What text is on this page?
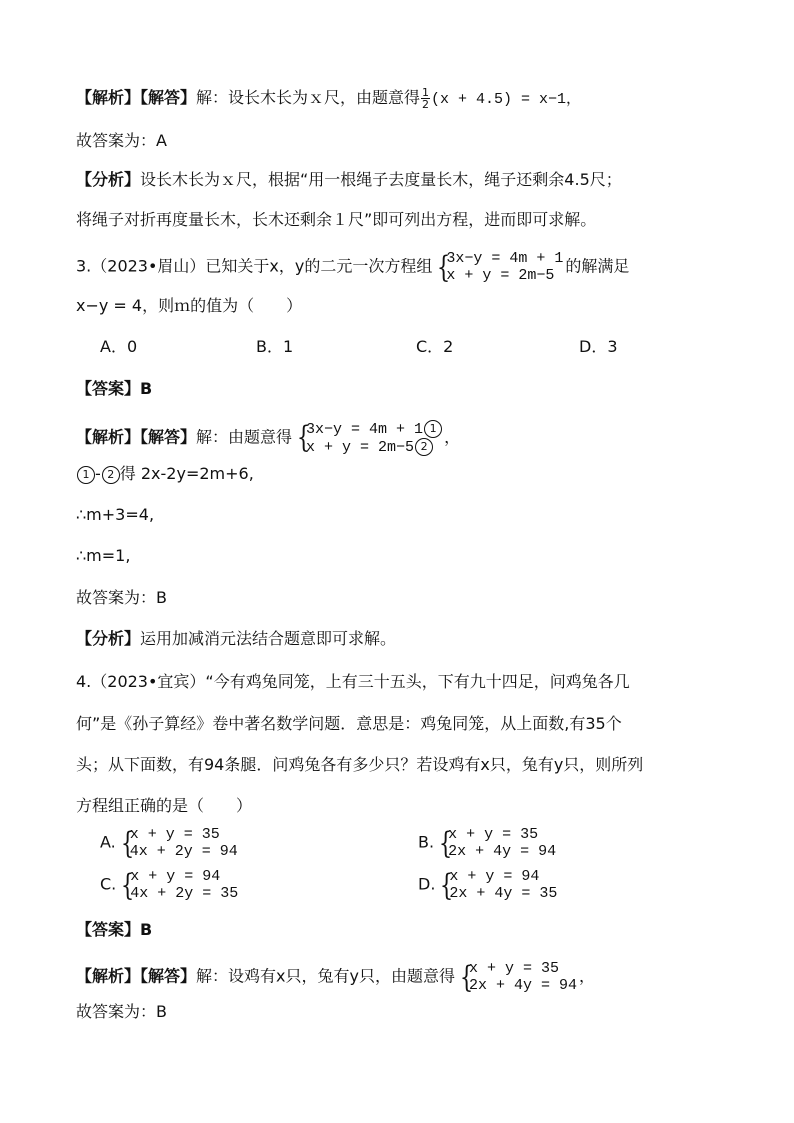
【解析】【解答】解：设长木长为ｘ尺，由题意得 $\frac{1}{2} (x + 4.5) = x-1$，
故答案为：A
【分析】设长木长为ｘ尺，根据“用一根绳子去度量长木，绳子还剩余4.5尺；
将绳子对折再度量长木，长木还剩余１尺”即可列出方程，进而即可求解。
3.（2023•眉山）已知关于x，y的二元一次方程组 {
3x−y = 4m + 1
x + y = 2m−5 的解满足
x−y = 4，则ｍ的值为（　　）
A．0	B．1	C．2	D．3
【答案】B
【解析】【解答】解：由题意得 {
3x−y = 4m + 1 1
x + y = 2m−5 2	，
1 - 2 得 2x-2y=2m+6,
∴m+3=4,
∴m=1,
故答案为：B
【分析】运用加减消元法结合题意即可求解。
4.（2023•宜宾）“今有鸡兔同笼，上有三十五头，下有九十四足，问鸡兔各几
何”是《孙子算经》卷中著名数学问题．意思是：鸡兔同笼，从上面数,有35个
头；从下面数，有94条腿．问鸡兔各有多少只？若设鸡有x只，兔有y只，则所列
方程组正确的是（　　）
A. {
x + y = 35
4x + 2y = 94	B. {
x + y = 35
2x + 4y = 94
C. {
x + y = 94
4x + 2y = 35	D. {
x + y = 94
2x + 4y = 35
【答案】B
【解析】【解答】解：设鸡有x只，兔有y只，由题意得 {
x + y = 35
2x + 4y = 94 ，
故答案为：B
